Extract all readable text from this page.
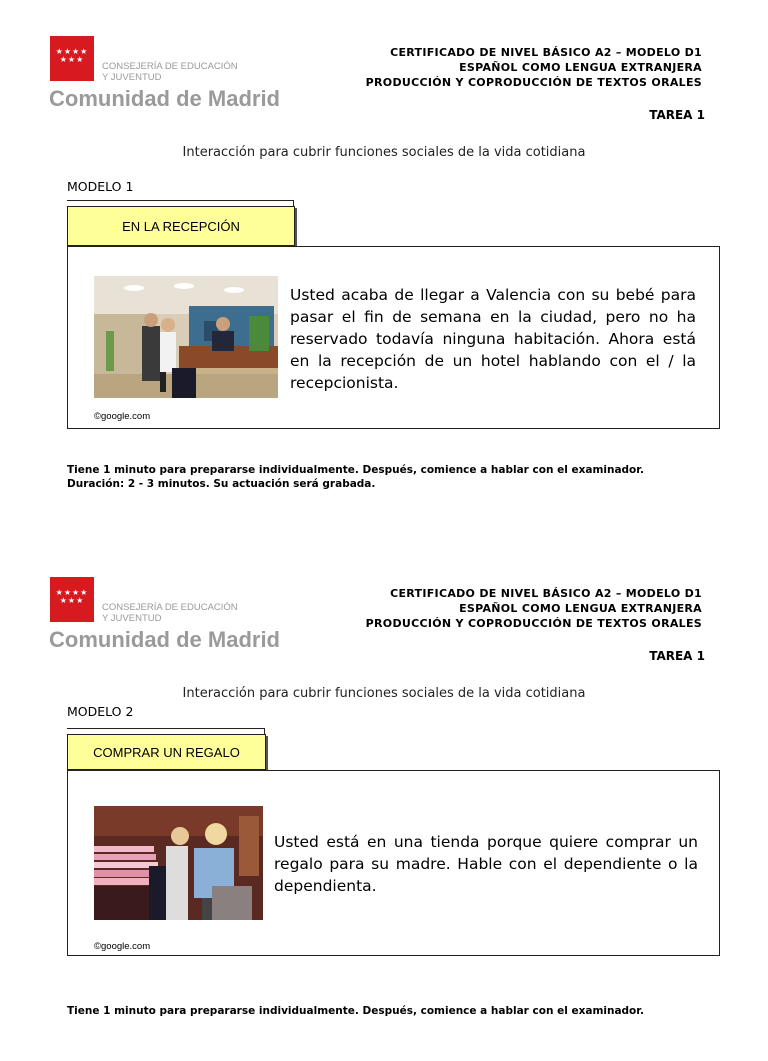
★★★★
★★★
CONSEJERÍA DE EDUCACIÓN
Y JUVENTUD
Comunidad de Madrid
CERTIFICADO DE NIVEL BÁSICO A2 – MODELO D1
ESPAÑOL COMO LENGUA EXTRANJERA
PRODUCCIÓN Y COPRODUCCIÓN DE TEXTOS ORALES
TAREA 1
Interacción para cubrir funciones sociales de la vida cotidiana
MODELO 1
EN LA RECEPCIÓN
©google.com
Usted acaba de llegar a Valencia con su bebé para pasar el fin de semana en la ciudad, pero no ha reservado todavía ninguna habitación. Ahora está en la recepción de un hotel hablando con el / la recepcionista.
Tiene 1 minuto para prepararse individualmente. Después, comience a hablar con el examinador.
Duración: 2 - 3 minutos. Su actuación será grabada.
★★★★
★★★
CONSEJERÍA DE EDUCACIÓN
Y JUVENTUD
Comunidad de Madrid
CERTIFICADO DE NIVEL BÁSICO A2 – MODELO D1
ESPAÑOL COMO LENGUA EXTRANJERA
PRODUCCIÓN Y COPRODUCCIÓN DE TEXTOS ORALES
TAREA 1
Interacción para cubrir funciones sociales de la vida cotidiana
MODELO 2
COMPRAR UN REGALO
©google.com
Usted está en una tienda porque quiere comprar un regalo para su madre. Hable con el dependiente o la dependienta.
Tiene 1 minuto para prepararse individualmente. Después, comience a hablar con el examinador.
